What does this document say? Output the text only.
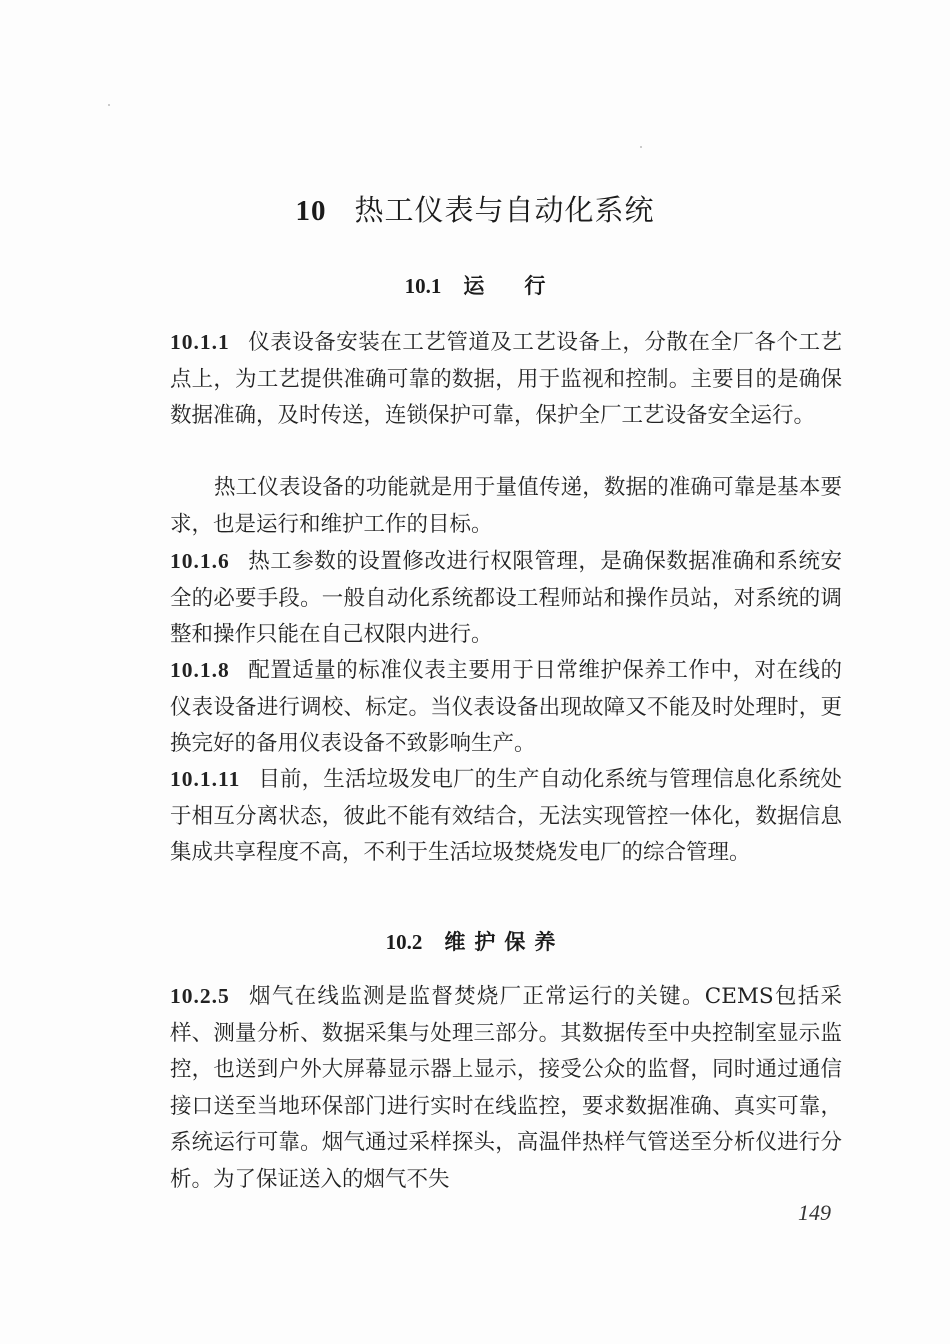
10 热工仪表与自动化系统
10.1 运行
10.1.1 仪表设备安装在工艺管道及工艺设备上，分散在全厂各个工艺点上，为工艺提供准确可靠的数据，用于监视和控制。主要目的是确保数据准确，及时传送，连锁保护可靠，保护全厂工艺设备安全运行。
热工仪表设备的功能就是用于量值传递，数据的准确可靠是基本要求，也是运行和维护工作的目标。
10.1.6 热工参数的设置修改进行权限管理，是确保数据准确和系统安全的必要手段。一般自动化系统都设工程师站和操作员站，对系统的调整和操作只能在自己权限内进行。
10.1.8 配置适量的标准仪表主要用于日常维护保养工作中，对在线的仪表设备进行调校、标定。当仪表设备出现故障又不能及时处理时，更换完好的备用仪表设备不致影响生产。
10.1.11 目前，生活垃圾发电厂的生产自动化系统与管理信息化系统处于相互分离状态，彼此不能有效结合，无法实现管控一体化，数据信息集成共享程度不高，不利于生活垃圾焚烧发电厂的综合管理。
10.2 维护保养
10.2.5 烟气在线监测是监督焚烧厂正常运行的关键。CEMS包括采样、测量分析、数据采集与处理三部分。其数据传至中央控制室显示监控，也送到户外大屏幕显示器上显示，接受公众的监督，同时通过通信接口送至当地环保部门进行实时在线监控，要求数据准确、真实可靠，系统运行可靠。烟气通过采样探头，高温伴热样气管送至分析仪进行分析。为了保证送入的烟气不失
149
